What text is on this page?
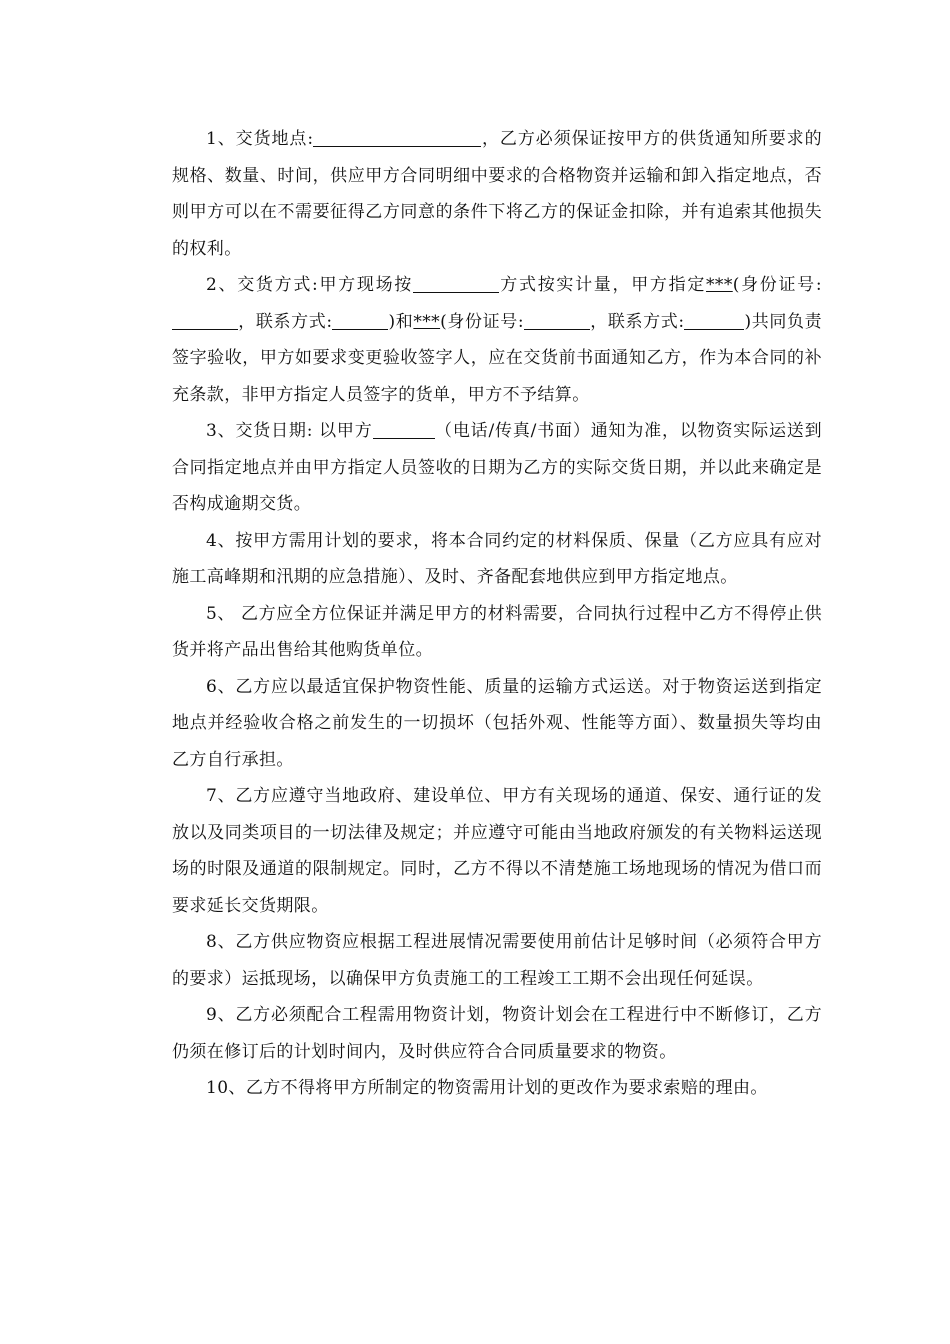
1、交货地点:	，乙方必须保证按甲方的供货通知所要求的规格、数量、时间，供应甲方合同明细中要求的合格物资并运输和卸入指定地点，否则甲方可以在不需要征得乙方同意的条件下将乙方的保证金扣除，并有追索其他损失的权利。

2、交货方式:甲方现场按	方式按实计量，甲方指定***(身份证号:，联系方式:	)和***(身份证号:	，联系方式:	)共同负责签字验收，甲方如要求变更验收签字人，应在交货前书面通知乙方，作为本合同的补充条款，非甲方指定人员签字的货单，甲方不予结算。

3、交货日期: 以甲方	（电话/传真/书面）通知为准，以物资实际运送到合同指定地点并由甲方指定人员签收的日期为乙方的实际交货日期，并以此来确定是否构成逾期交货。

4、按甲方需用计划的要求，将本合同约定的材料保质、保量（乙方应具有应对施工高峰期和汛期的应急措施）、及时、齐备配套地供应到甲方指定地点。

5、 乙方应全方位保证并满足甲方的材料需要，合同执行过程中乙方不得停止供货并将产品出售给其他购货单位。

6、乙方应以最适宜保护物资性能、质量的运输方式运送。对于物资运送到指定地点并经验收合格之前发生的一切损坏（包括外观、性能等方面）、数量损失等均由乙方自行承担。

7、乙方应遵守当地政府、建设单位、甲方有关现场的通道、保安、通行证的发放以及同类项目的一切法律及规定；并应遵守可能由当地政府颁发的有关物料运送现场的时限及通道的限制规定。同时，乙方不得以不清楚施工场地现场的情况为借口而要求延长交货期限。

8、乙方供应物资应根据工程进展情况需要使用前估计足够时间（必须符合甲方的要求）运抵现场，以确保甲方负责施工的工程竣工工期不会出现任何延误。

9、乙方必须配合工程需用物资计划，物资计划会在工程进行中不断修订，乙方仍须在修订后的计划时间内，及时供应符合合同质量要求的物资。

10、乙方不得将甲方所制定的物资需用计划的更改作为要求索赔的理由。
